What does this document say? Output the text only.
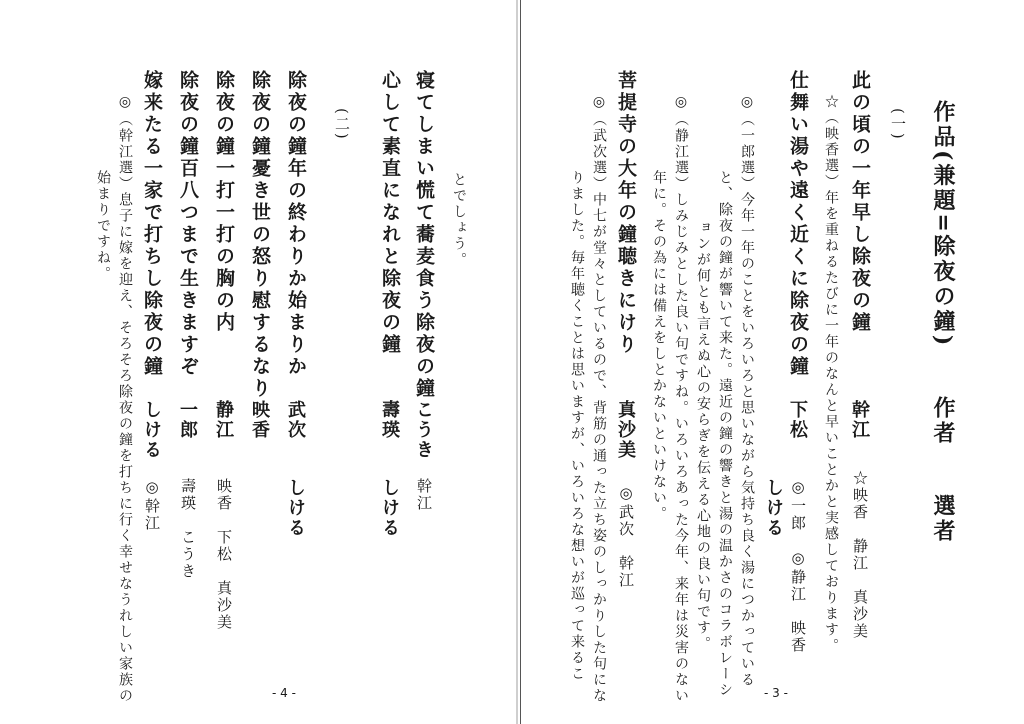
作品(兼題=除夜の鐘)
作者
選者
(一)
此の頃の一年早し除夜の鐘
幹江
☆映香　静江　真沙美
☆（映香選）年を重ねるたびに一年のなんと早いことかと実感しております。
仕舞い湯や遠く近くに除夜の鐘
下松
◎一郎　◎静江　映香
しける
◎（一郎選）今年一年のことをいろいろと思いながら気持ち良く湯につかっている
と、除夜の鐘が響いて来た。遠近の鐘の響きと湯の温かさのコラボレーシ
ョンが何とも言えぬ心の安らぎを伝える心地の良い句です。
◎（静江選）しみじみとした良い句ですね。いろいろあった今年、来年は災害のない
年に。その為には備えをしとかないといけない。
菩提寺の大年の鐘聴きにけり
真沙美
◎武次　幹江
◎（武次選）中七が堂々としているので、背筋の通った立ち姿のしっかりした句にな
りました。毎年聴くことは思いますが、いろいろな想いが巡って来るこ
- 3 -
とでしょう。
寝てしまい慌て蕎麦食う除夜の鐘
こうき
幹江
心して素直になれと除夜の鐘
壽瑛
しける
(二)
除夜の鐘年の終わりか始まりか
武次
しける
除夜の鐘憂き世の怒り慰するなり
映香
除夜の鐘一打一打の胸の内
静江
映香　下松　真沙美
除夜の鐘百八つまで生きますぞ
一郎
壽瑛　こうき
嫁来たる一家で打ちし除夜の鐘
しける
◎幹江
◎（幹江選）息子に嫁を迎え、そろそろ除夜の鐘を打ちに行く幸せなうれしい家族の
始まりですね。
- 4 -
